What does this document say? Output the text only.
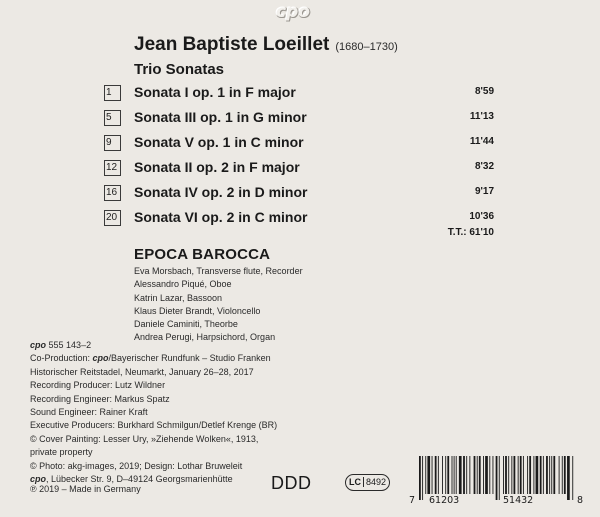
cpo
Jean Baptiste Loeillet (1680–1730)
Trio Sonatas
1	Sonata I op. 1 in F major	8'59
5	Sonata III op. 1 in G minor	11'13
9	Sonata V op. 1 in C minor	11'44
12 Sonata II op. 2 in F major	8'32
16 Sonata IV op. 2 in D minor	9'17
20 Sonata VI op. 2 in C minor	10'36
T.T.: 61'10
EPOCA BAROCCA
Eva Morsbach, Transverse flute, Recorder
Alessandro Piqué, Oboe
Katrin Lazar, Bassoon
Klaus Dieter Brandt, Violoncello
Daniele Caminiti, Theorbe
Andrea Perugi, Harpsichord, Organ
cpo 555 143–2
Co-Production: cpo/Bayerischer Rundfunk – Studio Franken
Historischer Reitstadel, Neumarkt, January 26–28, 2017
Recording Producer: Lutz Wildner
Recording Engineer: Markus Spatz
Sound Engineer: Rainer Kraft
Executive Producers: Burkhard Schmilgun/Detlef Krenge (BR)
© Cover Painting: Lesser Ury, »Ziehende Wolken«, 1913,
private property
© Photo: akg-images, 2019; Design: Lothar Bruweleit
cpo, Lübecker Str. 9, D–49124 Georgsmarienhütte
℗ 2019 – Made in Germany	DDD	LC 8492
7 61203	51432	8
